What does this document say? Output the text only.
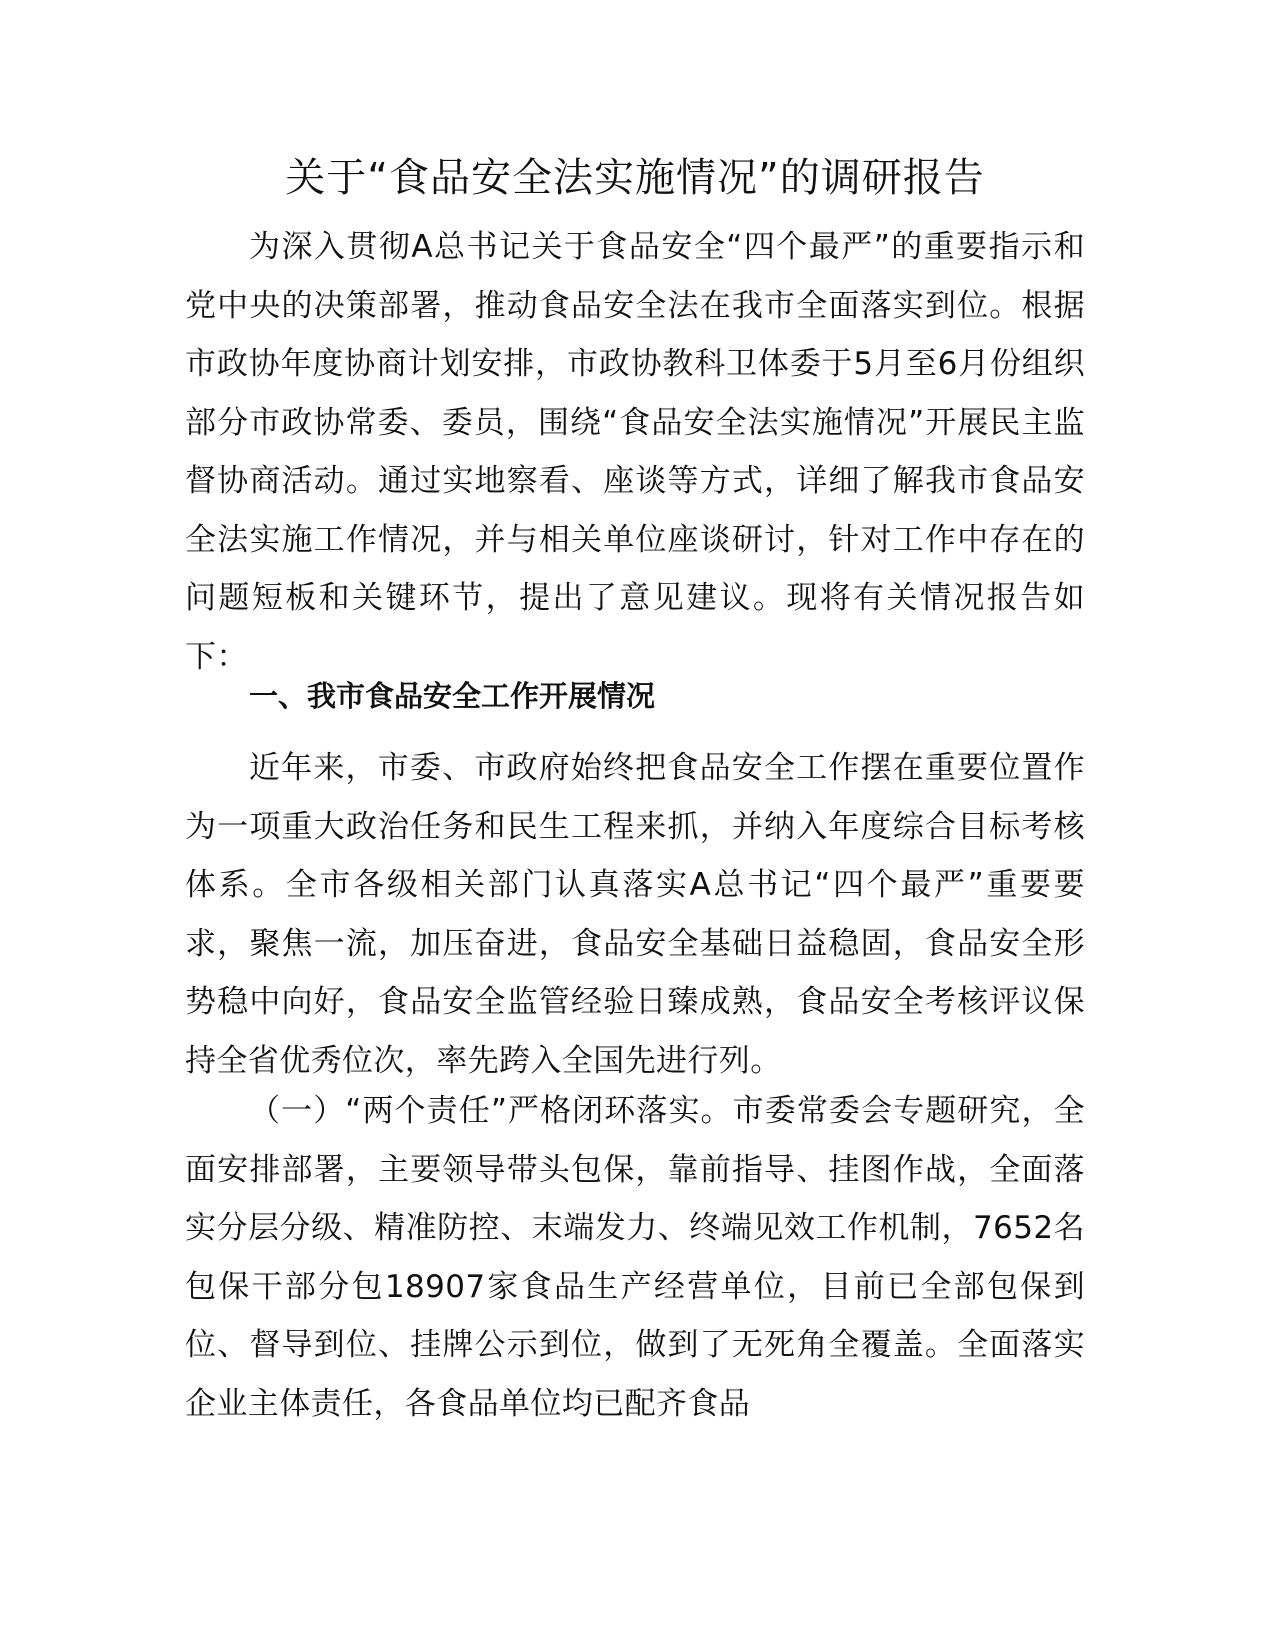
关于“食品安全法实施情况”的调研报告

为深入贯彻A总书记关于食品安全“四个最严”的重要指示和党中央的决策部署，推动食品安全法在我市全面落实到位。根据市政协年度协商计划安排，市政协教科卫体委于5月至6月份组织部分市政协常委、委员，围绕“食品安全法实施情况”开展民主监督协商活动。通过实地察看、座谈等方式，详细了解我市食品安全法实施工作情况，并与相关单位座谈研讨，针对工作中存在的问题短板和关键环节，提出了意见建议。现将有关情况报告如下：

一、我市食品安全工作开展情况

近年来，市委、市政府始终把食品安全工作摆在重要位置作为一项重大政治任务和民生工程来抓，并纳入年度综合目标考核体系。全市各级相关部门认真落实A总书记“四个最严”重要要求，聚焦一流，加压奋进，食品安全基础日益稳固，食品安全形势稳中向好，食品安全监管经验日臻成熟，食品安全考核评议保持全省优秀位次，率先跨入全国先进行列。

（一）“两个责任”严格闭环落实。市委常委会专题研究，全面安排部署，主要领导带头包保，靠前指导、挂图作战，全面落实分层分级、精准防控、末端发力、终端见效工作机制，7652名包保干部分包18907家食品生产经营单位，目前已全部包保到位、督导到位、挂牌公示到位，做到了无死角全覆盖。全面落实企业主体责任，各食品单位均已配齐食品
